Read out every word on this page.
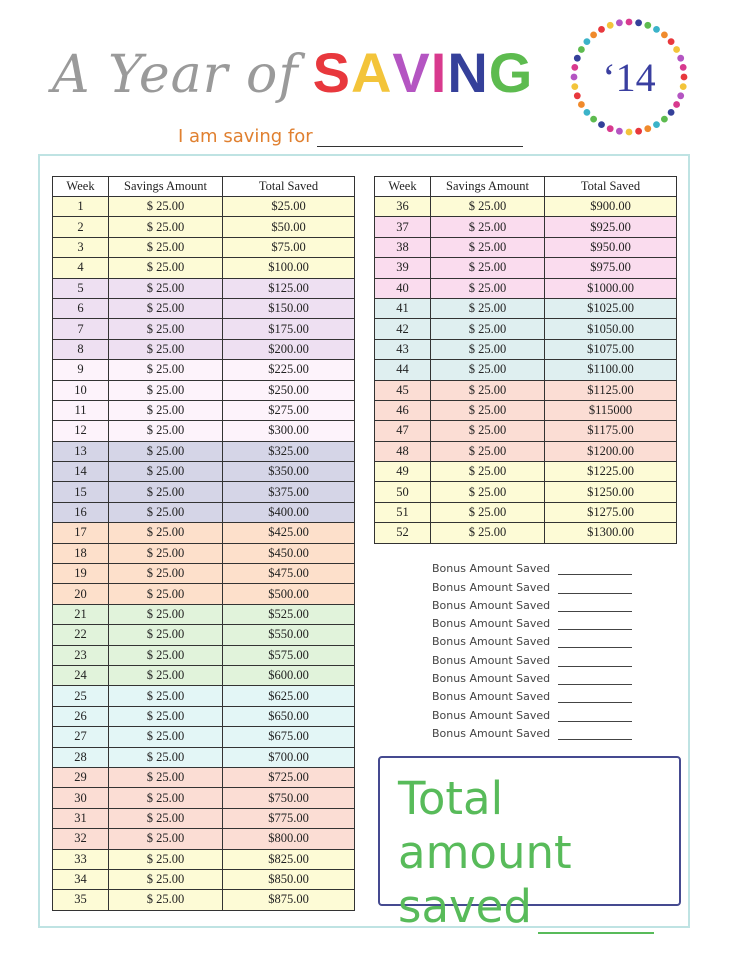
A Year of SAVING	‘14
I am saving for
Week	Savings Amount	Total Saved
1	$ 25.00	$25.00
2	$ 25.00	$50.00
3	$ 25.00	$75.00
4	$ 25.00	$100.00
5	$ 25.00	$125.00
6	$ 25.00	$150.00
7	$ 25.00	$175.00
8	$ 25.00	$200.00
9	$ 25.00	$225.00
10	$ 25.00	$250.00
11	$ 25.00	$275.00
12	$ 25.00	$300.00
13	$ 25.00	$325.00
14	$ 25.00	$350.00
15	$ 25.00	$375.00
16	$ 25.00	$400.00
17	$ 25.00	$425.00
18	$ 25.00	$450.00
19	$ 25.00	$475.00
20	$ 25.00	$500.00
21	$ 25.00	$525.00
22	$ 25.00	$550.00
23	$ 25.00	$575.00
24	$ 25.00	$600.00
25	$ 25.00	$625.00
26	$ 25.00	$650.00
27	$ 25.00	$675.00
28	$ 25.00	$700.00
29	$ 25.00	$725.00
30	$ 25.00	$750.00
31	$ 25.00	$775.00
32	$ 25.00	$800.00
33	$ 25.00	$825.00
34	$ 25.00	$850.00
35	$ 25.00	$875.00
Week	Savings Amount	Total Saved
36	$ 25.00	$900.00
37	$ 25.00	$925.00
38	$ 25.00	$950.00
39	$ 25.00	$975.00
40	$ 25.00	$1000.00
41	$ 25.00	$1025.00
42	$ 25.00	$1050.00
43	$ 25.00	$1075.00
44	$ 25.00	$1100.00
45	$ 25.00	$1125.00
46	$ 25.00	$115000
47	$ 25.00	$1175.00
48	$ 25.00	$1200.00
49	$ 25.00	$1225.00
50	$ 25.00	$1250.00
51	$ 25.00	$1275.00
52	$ 25.00	$1300.00
Bonus Amount Saved
Bonus Amount Saved
Bonus Amount Saved
Bonus Amount Saved
Bonus Amount Saved
Bonus Amount Saved
Bonus Amount Saved
Bonus Amount Saved
Bonus Amount Saved
Bonus Amount Saved
Total amount saved
